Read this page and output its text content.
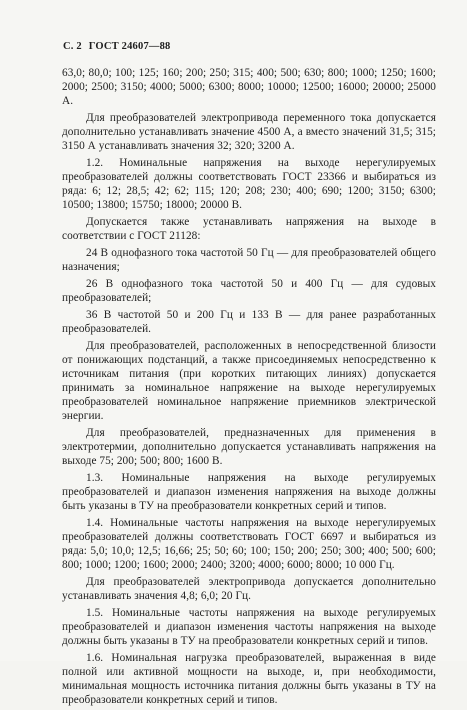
С. 2 ГОСТ 24607—88

63,0; 80,0; 100; 125; 160; 200; 250; 315; 400; 500; 630; 800; 1000; 1250; 1600; 2000; 2500; 3150; 4000; 5000; 6300; 8000; 10000; 12500; 16000; 20000; 25000 А.

Для преобразователей электропривода переменного тока допускается дополнительно устанавливать значение 4500 А, а вместо значений 31,5; 315; 3150 А устанавливать значения 32; 320; 3200 А.

1.2. Номинальные напряжения на выходе нерегулируемых преобразователей должны соответствовать ГОСТ 23366 и выбираться из ряда: 6; 12; 28,5; 42; 62; 115; 120; 208; 230; 400; 690; 1200; 3150; 6300; 10500; 13800; 15750; 18000; 20000 В.

Допускается также устанавливать напряжения на выходе в соответствии с ГОСТ 21128:

24 В однофазного тока частотой 50 Гц — для преобразователей общего назначения;

26 В однофазного тока частотой 50 и 400 Гц — для судовых преобразователей;

36 В частотой 50 и 200 Гц и 133 В — для ранее разработанных преобразователей.

Для преобразователей, расположенных в непосредственной близости от понижающих подстанций, а также присоединяемых непосредственно к источникам питания (при коротких питающих линиях) допускается принимать за номинальное напряжение на выходе нерегулируемых преобразователей номинальное напряжение приемников электрической энергии.

Для преобразователей, предназначенных для применения в электротермии, дополнительно допускается устанавливать напряжения на выходе 75; 200; 500; 800; 1600 В.

1.3. Номинальные напряжения на выходе регулируемых преобразователей и диапазон изменения напряжения на выходе должны быть указаны в ТУ на преобразователи конкретных серий и типов.

1.4. Номинальные частоты напряжения на выходе нерегулируемых преобразователей должны соответствовать ГОСТ 6697 и выбираться из ряда: 5,0; 10,0; 12,5; 16,66; 25; 50; 60; 100; 150; 200; 250; 300; 400; 500; 600; 800; 1000; 1200; 1600; 2000; 2400; 3200; 4000; 6000; 8000; 10 000 Гц.

Для преобразователей электропривода допускается дополнительно устанавливать значения 4,8; 6,0; 20 Гц.

1.5. Номинальные частоты напряжения на выходе регулируемых преобразователей и диапазон изменения частоты напряжения на выходе должны быть указаны в ТУ на преобразователи конкретных серий и типов.

1.6. Номинальная нагрузка преобразователей, выраженная в виде полной или активной мощности на выходе, и, при необходимости, минимальная мощность источника питания должны быть указаны в ТУ на преобразователи конкретных серий и типов.
